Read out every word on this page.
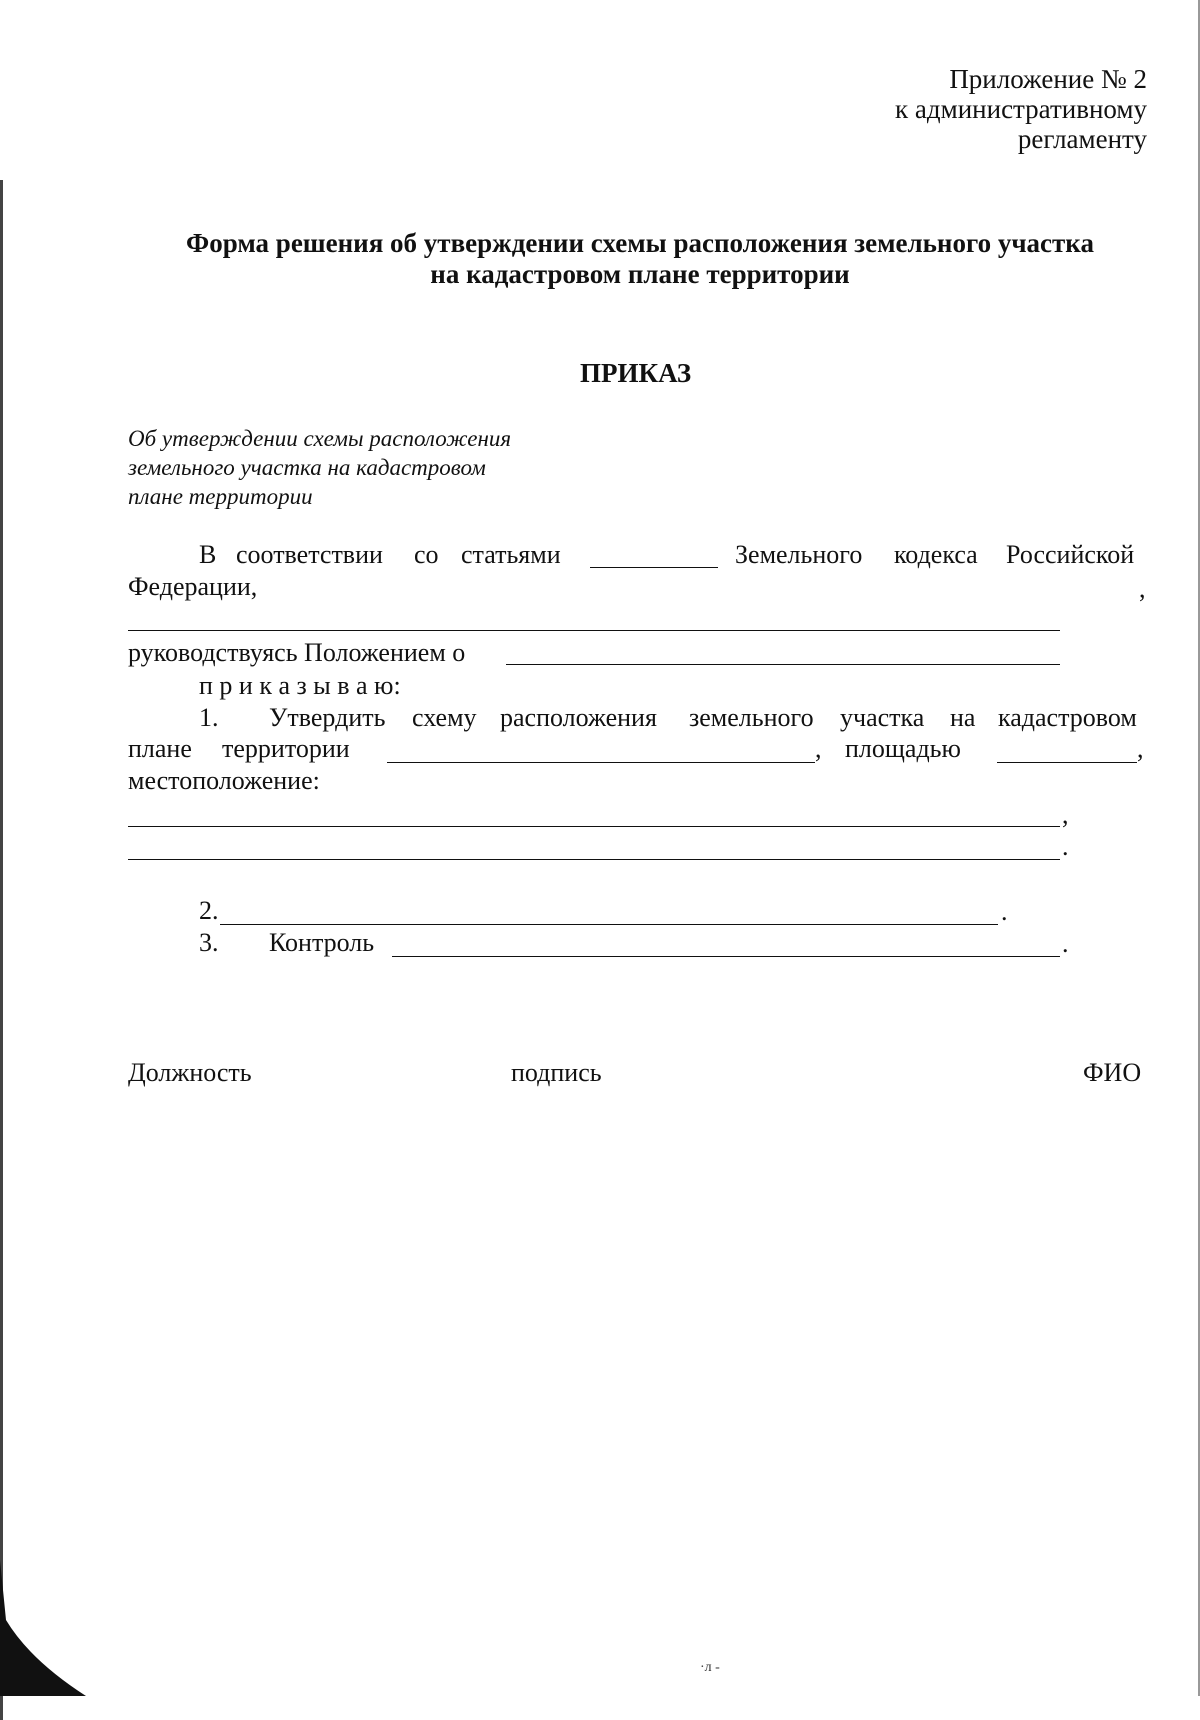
Приложение № 2
к административному
регламенту
Форма решения об утверждении схемы расположения земельного участка
на кадастровом плане территории
ПРИКАЗ
Об утверждении схемы расположения
земельного участка на кадастровом
плане территории
В соответствии со статьями	Земельного кодекса Российской
Федерации,	,
руководствуясь Положением о
п р и к а з ы в а ю:
1. Утвердить схему расположения земельного участка на кадастровом
плане территории	, площадью	,
местоположение:
,
.
2.	.
3. Контроль	.
Должность	подпись	ФИО
·л -
